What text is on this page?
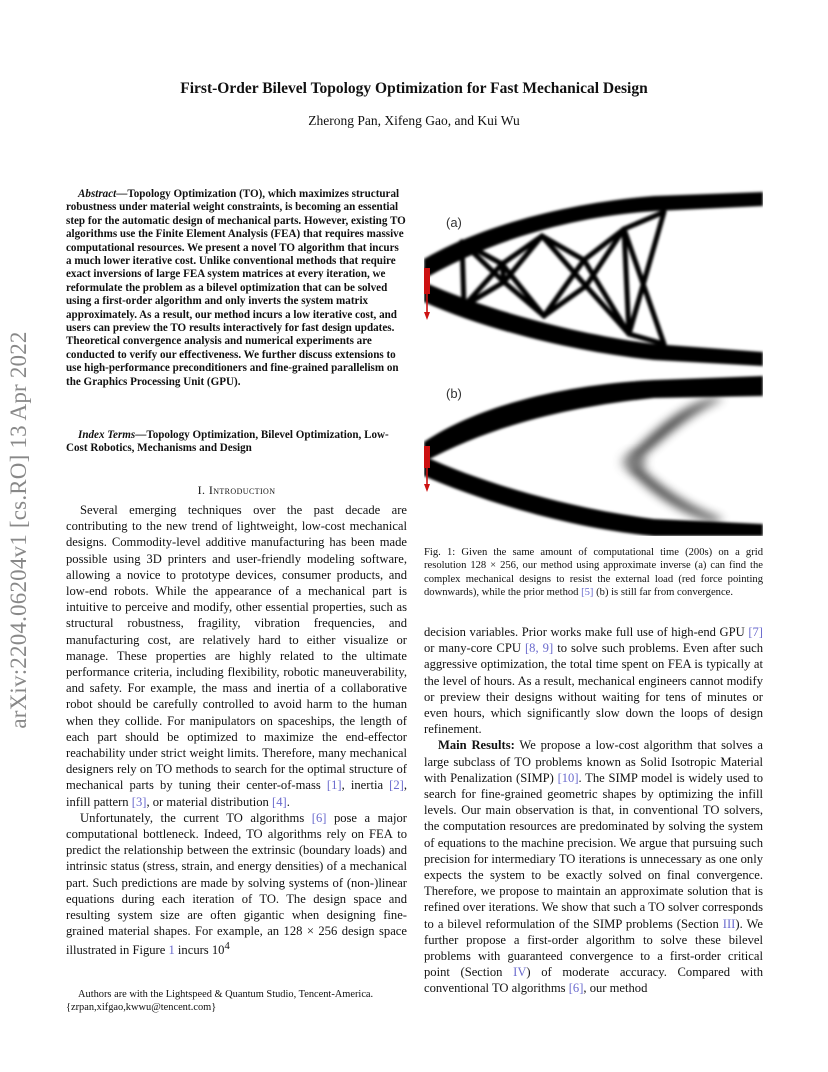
First-Order Bilevel Topology Optimization for Fast Mechanical Design
Zherong Pan, Xifeng Gao, and Kui Wu
arXiv:2204.06204v1 [cs.RO] 13 Apr 2022
Abstract—Topology Optimization (TO), which maximizes structural robustness under material weight constraints, is becoming an essential step for the automatic design of mechanical parts. However, existing TO algorithms use the Finite Element Analysis (FEA) that requires massive computational resources. We present a novel TO algorithm that incurs a much lower iterative cost. Unlike conventional methods that require exact inversions of large FEA system matrices at every iteration, we reformulate the problem as a bilevel optimization that can be solved using a first-order algorithm and only inverts the system matrix approximately. As a result, our method incurs a low iterative cost, and users can preview the TO results interactively for fast design updates. Theoretical convergence analysis and numerical experiments are conducted to verify our effectiveness. We further discuss extensions to use high-performance preconditioners and fine-grained parallelism on the Graphics Processing Unit (GPU).
Index Terms—Topology Optimization, Bilevel Optimization, Low-Cost Robotics, Mechanisms and Design
I. Introduction

Several emerging techniques over the past decade are contributing to the new trend of lightweight, low-cost mechanical designs. Commodity-level additive manufacturing has been made possible using 3D printers and user-friendly modeling software, allowing a novice to prototype devices, consumer products, and low-end robots. While the appearance of a mechanical part is intuitive to perceive and modify, other essential properties, such as structural robustness, fragility, vibration frequencies, and manufacturing cost, are relatively hard to either visualize or manage. These properties are highly related to the ultimate performance criteria, including flexibility, robotic maneuverability, and safety. For example, the mass and inertia of a collaborative robot should be carefully controlled to avoid harm to the human when they collide. For manipulators on spaceships, the length of each part should be optimized to maximize the end-effector reachability under strict weight limits. Therefore, many mechanical designers rely on TO methods to search for the optimal structure of mechanical parts by tuning their center-of-mass [1], inertia [2], infill pattern [3], or material distribution [4].

Unfortunately, the current TO algorithms [6] pose a major computational bottleneck. Indeed, TO algorithms rely on FEA to predict the relationship between the extrinsic (boundary loads) and intrinsic status (stress, strain, and energy densities) of a mechanical part. Such predictions are made by solving systems of (non-)linear equations during each iteration of TO. The design space and resulting system size are often gigantic when designing fine-grained material shapes. For example, an 128 × 256 design space illustrated in Figure 1 incurs $10^4$

Authors are with the Lightspeed & Quantum Studio, Tencent-America.
{zrpan,xifgao,kwwu@tencent.com}
(a)
(b)
Fig. 1: Given the same amount of computational time (200s) on a grid resolution 128 × 256, our method using approximate inverse (a) can find the complex mechanical designs to resist the external load (red force pointing downwards), while the prior method [5] (b) is still far from convergence.

decision variables. Prior works make full use of high-end GPU [7] or many-core CPU [8, 9] to solve such problems. Even after such aggressive optimization, the total time spent on FEA is typically at the level of hours. As a result, mechanical engineers cannot modify or preview their designs without waiting for tens of minutes or even hours, which significantly slow down the loops of design refinement.

Main Results: We propose a low-cost algorithm that solves a large subclass of TO problems known as Solid Isotropic Material with Penalization (SIMP) [10]. The SIMP model is widely used to search for fine-grained geometric shapes by optimizing the infill levels. Our main observation is that, in conventional TO solvers, the computation resources are predominated by solving the system of equations to the machine precision. We argue that pursuing such precision for intermediary TO iterations is unnecessary as one only expects the system to be exactly solved on final convergence. Therefore, we propose to maintain an approximate solution that is refined over iterations. We show that such a TO solver corresponds to a bilevel reformulation of the SIMP problems (Section III). We further propose a first-order algorithm to solve these bilevel problems with guaranteed convergence to a first-order critical point (Section IV) of moderate accuracy. Compared with conventional TO algorithms [6], our method
